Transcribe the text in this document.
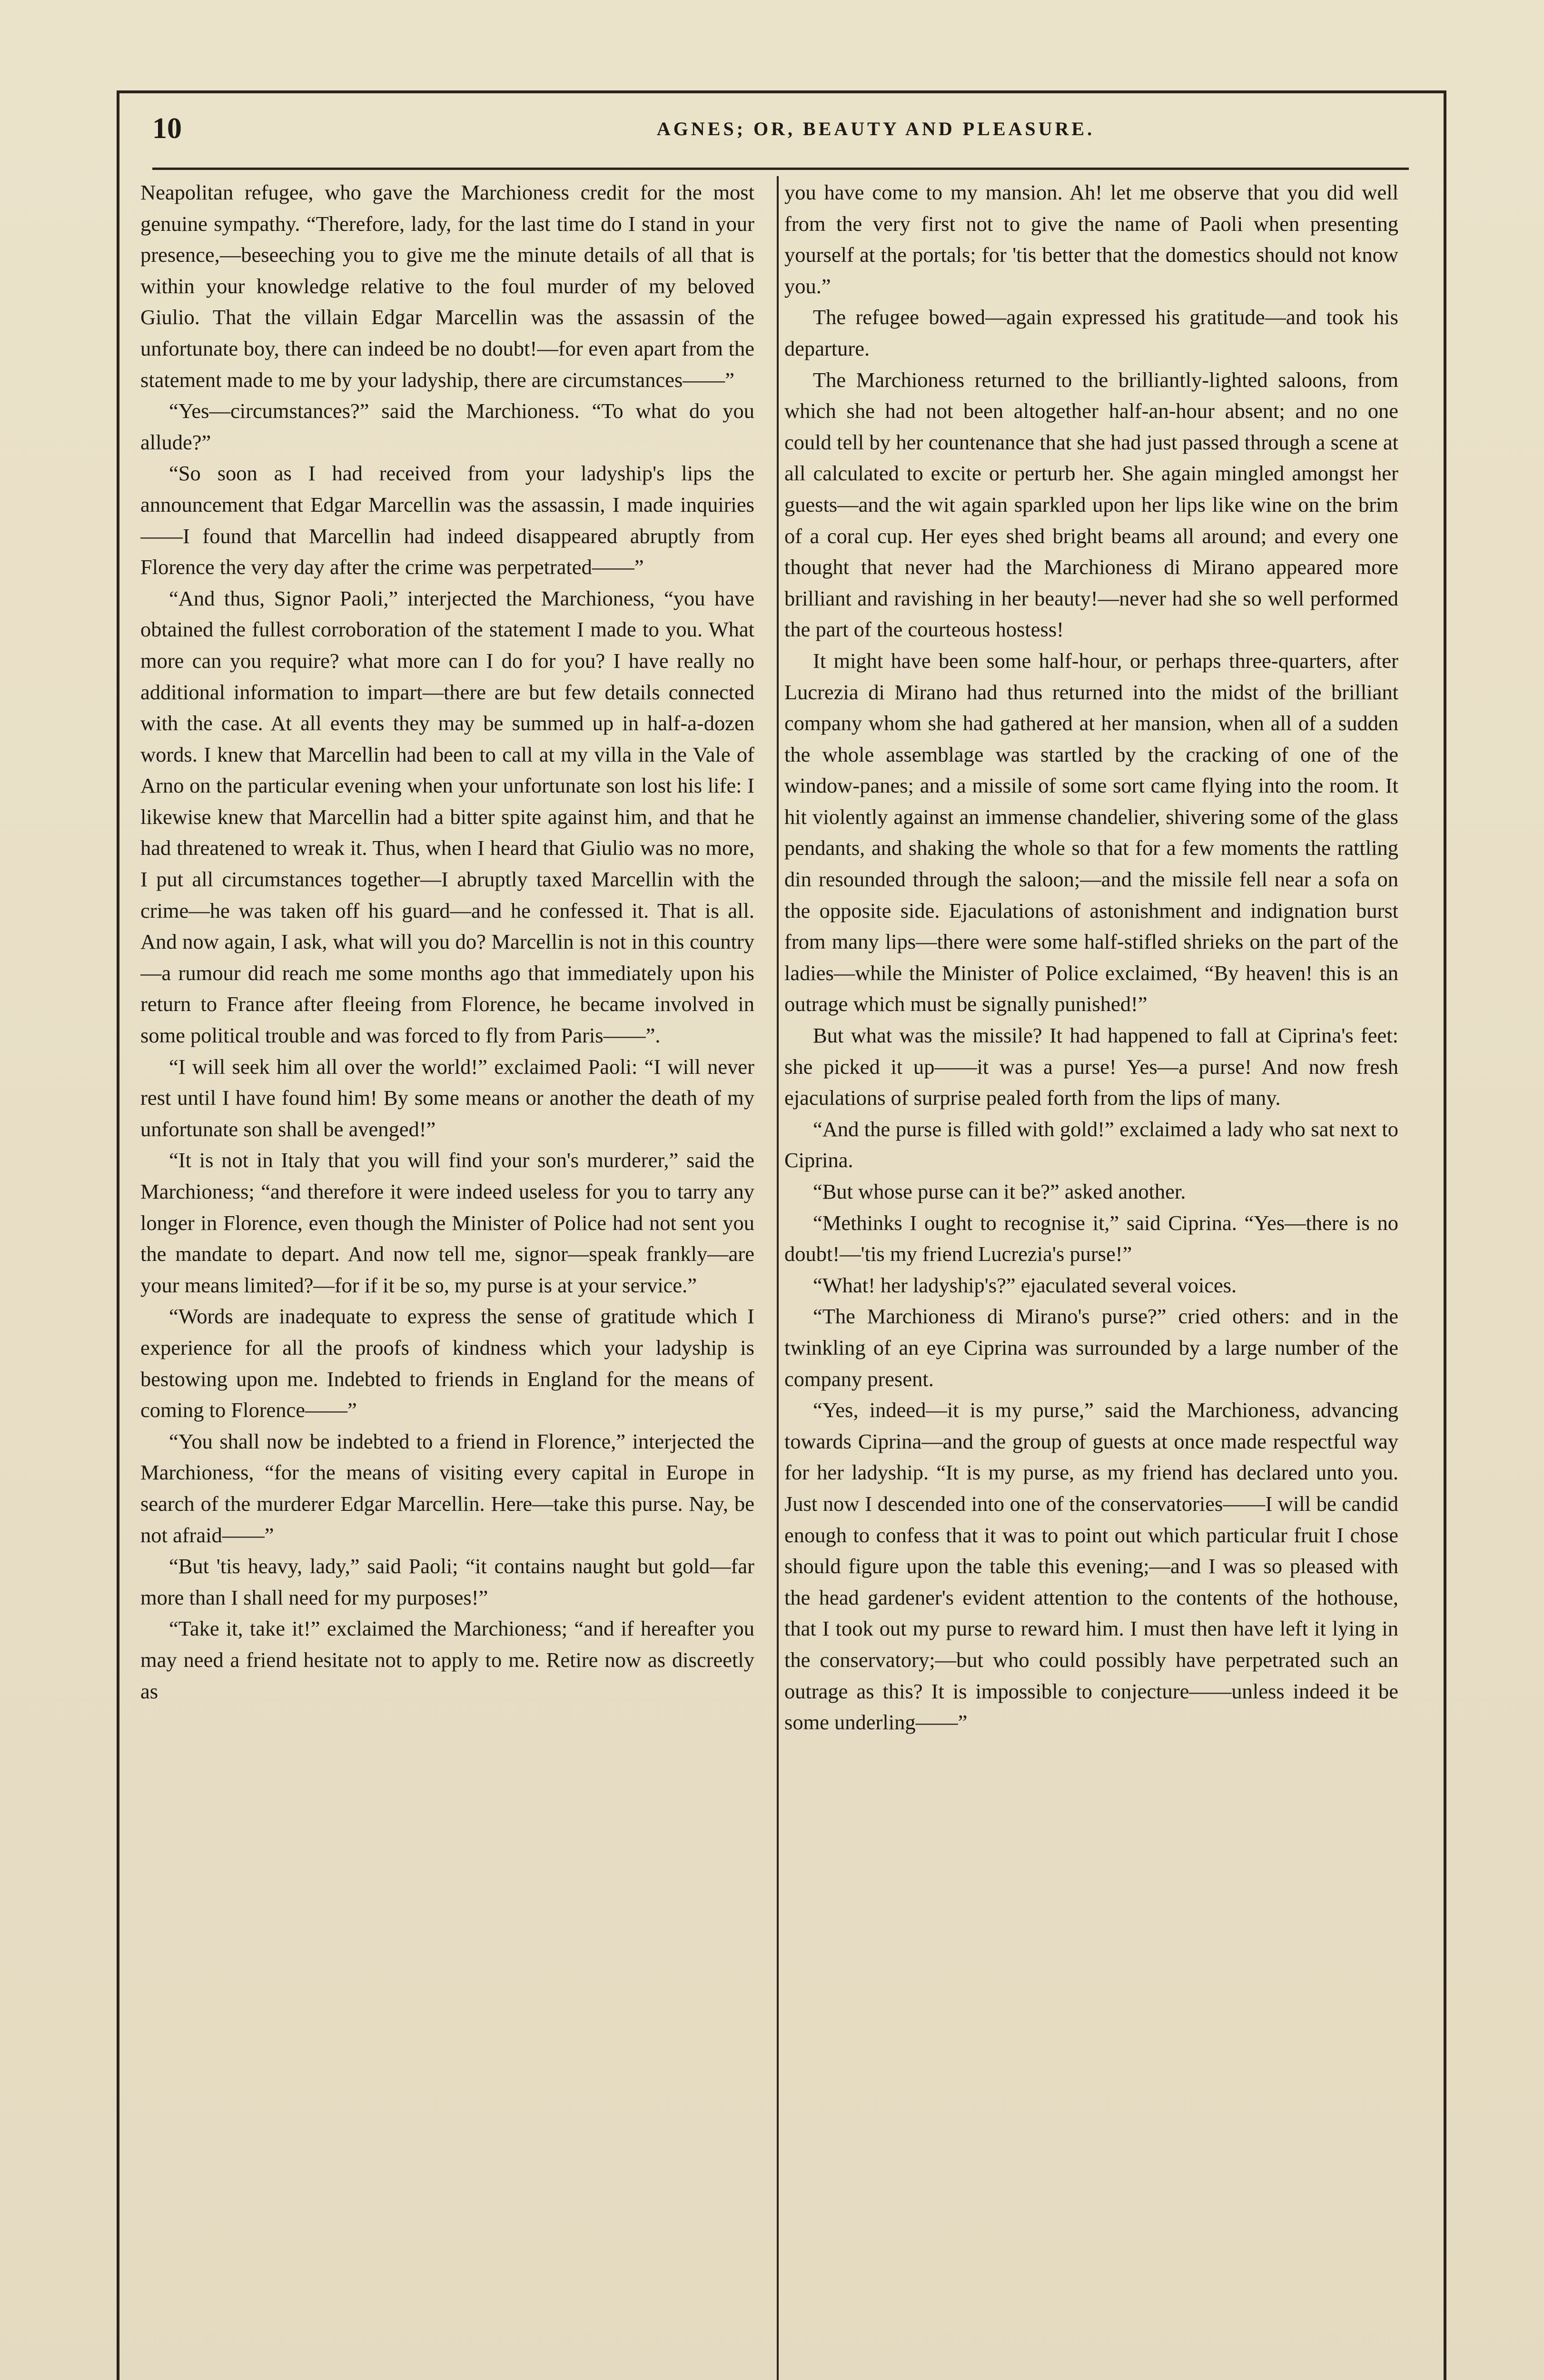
10	AGNES; OR, BEAUTY AND PLEASURE.

Neapolitan refugee, who gave the Marchioness credit for the most genuine sympathy. “Therefore, lady, for the last time do I stand in your presence,—beseeching you to give me the minute details of all that is within your knowledge relative to the foul murder of my beloved Giulio. That the villain Edgar Marcellin was the assassin of the unfortunate boy, there can indeed be no doubt!—for even apart from the statement made to me by your ladyship, there are circumstances——”

“Yes—circumstances?” said the Marchioness. “To what do you allude?”

“So soon as I had received from your ladyship's lips the announcement that Edgar Marcellin was the assassin, I made inquiries——I found that Marcellin had indeed disappeared abruptly from Florence the very day after the crime was perpetrated——”

“And thus, Signor Paoli,” interjected the Marchioness, “you have obtained the fullest corroboration of the statement I made to you. What more can you require? what more can I do for you? I have really no additional information to impart—there are but few details connected with the case. At all events they may be summed up in half-a-dozen words. I knew that Marcellin had been to call at my villa in the Vale of Arno on the particular evening when your unfortunate son lost his life: I likewise knew that Marcellin had a bitter spite against him, and that he had threatened to wreak it. Thus, when I heard that Giulio was no more, I put all circumstances together—I abruptly taxed Marcellin with the crime—he was taken off his guard—and he confessed it. That is all. And now again, I ask, what will you do? Marcellin is not in this country—a rumour did reach me some months ago that immediately upon his return to France after fleeing from Florence, he became involved in some political trouble and was forced to fly from Paris——”.

“I will seek him all over the world!” exclaimed Paoli: “I will never rest until I have found him! By some means or another the death of my unfortunate son shall be avenged!”

“It is not in Italy that you will find your son's murderer,” said the Marchioness; “and therefore it were indeed useless for you to tarry any longer in Florence, even though the Minister of Police had not sent you the mandate to depart. And now tell me, signor—speak frankly—are your means limited?—for if it be so, my purse is at your service.”

“Words are inadequate to express the sense of gratitude which I experience for all the proofs of kindness which your ladyship is bestowing upon me. Indebted to friends in England for the means of coming to Florence——”

“You shall now be indebted to a friend in Florence,” interjected the Marchioness, “for the means of visiting every capital in Europe in search of the murderer Edgar Marcellin. Here—take this purse. Nay, be not afraid——”

“But 'tis heavy, lady,” said Paoli; “it contains naught but gold—far more than I shall need for my purposes!”

“Take it, take it!” exclaimed the Marchioness; “and if hereafter you may need a friend hesitate not to apply to me. Retire now as discreetly as

you have come to my mansion. Ah! let me observe that you did well from the very first not to give the name of Paoli when presenting yourself at the portals; for 'tis better that the domestics should not know you.”

The refugee bowed—again expressed his gratitude—and took his departure.

The Marchioness returned to the brilliantly-lighted saloons, from which she had not been altogether half-an-hour absent; and no one could tell by her countenance that she had just passed through a scene at all calculated to excite or perturb her. She again mingled amongst her guests—and the wit again sparkled upon her lips like wine on the brim of a coral cup. Her eyes shed bright beams all around; and every one thought that never had the Marchioness di Mirano appeared more brilliant and ravishing in her beauty!—never had she so well performed the part of the courteous hostess!

It might have been some half-hour, or perhaps three-quarters, after Lucrezia di Mirano had thus returned into the midst of the brilliant company whom she had gathered at her mansion, when all of a sudden the whole assemblage was startled by the cracking of one of the window-panes; and a missile of some sort came flying into the room. It hit violently against an immense chandelier, shivering some of the glass pendants, and shaking the whole so that for a few moments the rattling din resounded through the saloon;—and the missile fell near a sofa on the opposite side. Ejaculations of astonishment and indignation burst from many lips—there were some half-stifled shrieks on the part of the ladies—while the Minister of Police exclaimed, “By heaven! this is an outrage which must be signally punished!”

But what was the missile? It had happened to fall at Ciprina's feet: she picked it up——it was a purse! Yes—a purse! And now fresh ejaculations of surprise pealed forth from the lips of many.

“And the purse is filled with gold!” exclaimed a lady who sat next to Ciprina.

“But whose purse can it be?” asked another.

“Methinks I ought to recognise it,” said Ciprina. “Yes—there is no doubt!—'tis my friend Lucrezia's purse!”

“What! her ladyship's?” ejaculated several voices.

“The Marchioness di Mirano's purse?” cried others: and in the twinkling of an eye Ciprina was surrounded by a large number of the company present.

“Yes, indeed—it is my purse,” said the Marchioness, advancing towards Ciprina—and the group of guests at once made respectful way for her ladyship. “It is my purse, as my friend has declared unto you. Just now I descended into one of the conservatories——I will be candid enough to confess that it was to point out which particular fruit I chose should figure upon the table this evening;—and I was so pleased with the head gardener's evident attention to the contents of the hothouse, that I took out my purse to reward him. I must then have left it lying in the conservatory;—but who could possibly have perpetrated such an outrage as this? It is impossible to conjecture——unless indeed it be some underling——”
